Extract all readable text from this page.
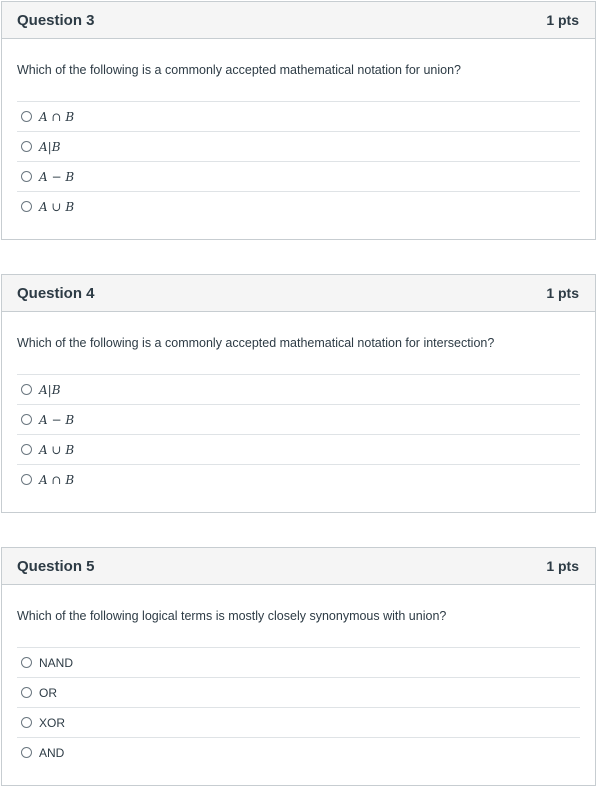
Question 3	1 pts

Which of the following is a commonly accepted mathematical notation for union?

A ∩ B
A|B
A − B
A ∪ B
Question 4	1 pts

Which of the following is a commonly accepted mathematical notation for intersection?

A|B
A − B
A ∪ B
A ∩ B
Question 5	1 pts

Which of the following logical terms is mostly closely synonymous with union?

NAND
OR
XOR
AND
